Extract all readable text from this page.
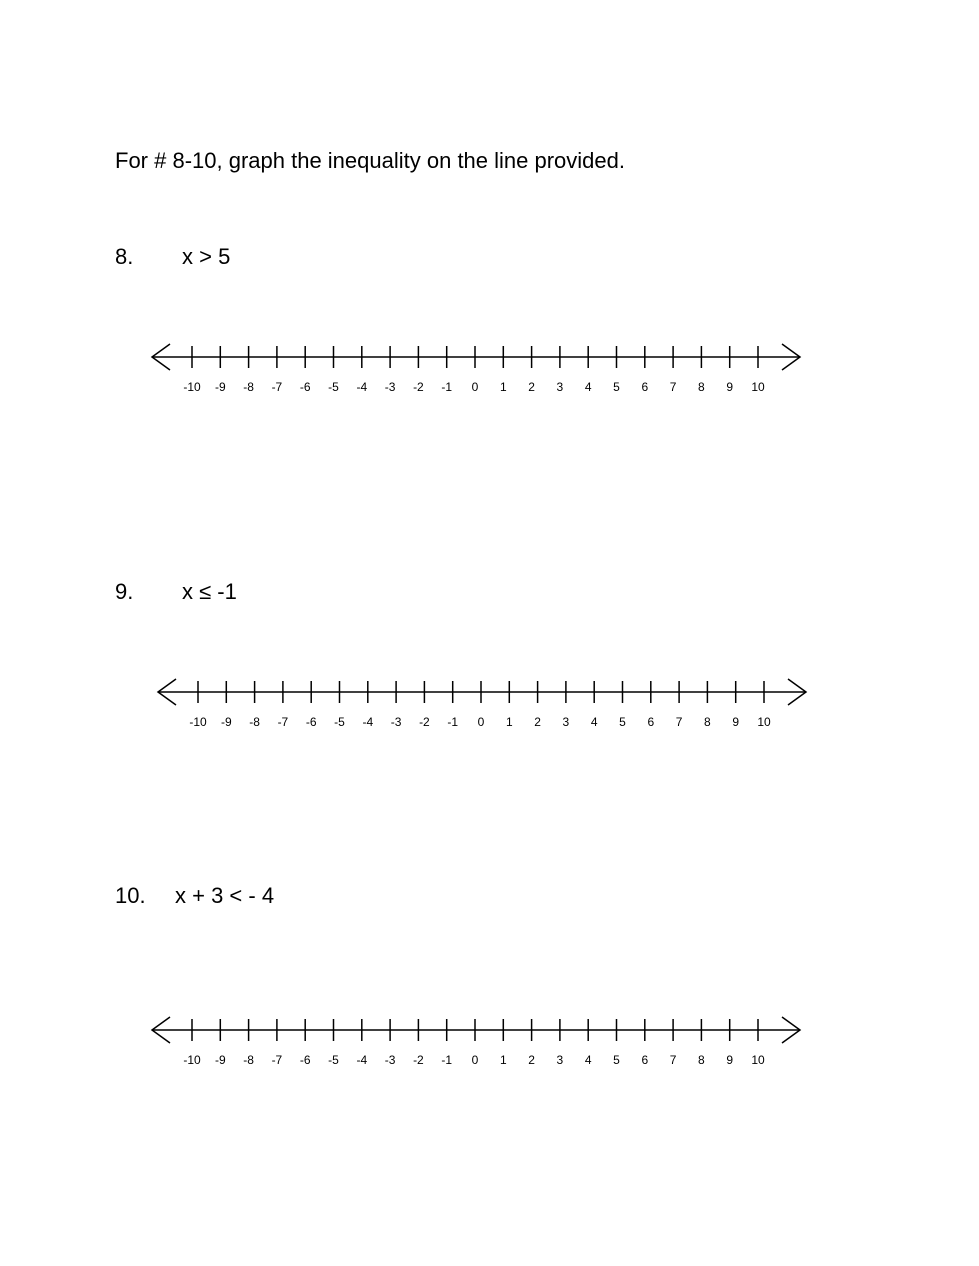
For # 8-10, graph the inequality on the line provided.
8. x > 5
-10 -9 -8 -7 -6 -5 -4 -3 -2 -1 0 1 2 3 4 5 6 7 8 9 10
9. x ≤ -1
-10 -9 -8 -7 -6 -5 -4 -3 -2 -1 0 1 2 3 4 5 6 7 8 9 10
10. x + 3 < - 4
-10 -9 -8 -7 -6 -5 -4 -3 -2 -1 0 1 2 3 4 5 6 7 8 9 10
